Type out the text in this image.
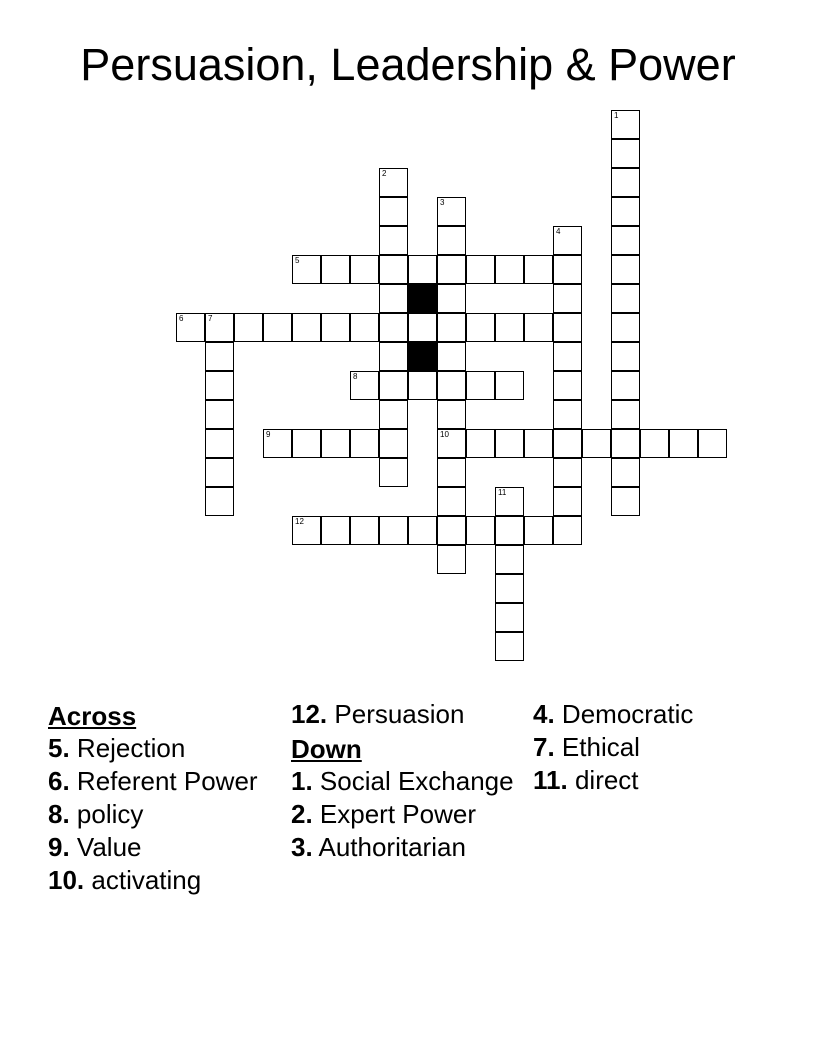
Persuasion, Leadership & Power
1
2
3
10
4
5
6	7
8
9
11
12
Across
5. Rejection
6. Referent Power
8. policy
9. Value
10. activating
12. Persuasion
Down
1. Social Exchange
2. Expert Power
3. Authoritarian
4. Democratic
7. Ethical
11. direct
